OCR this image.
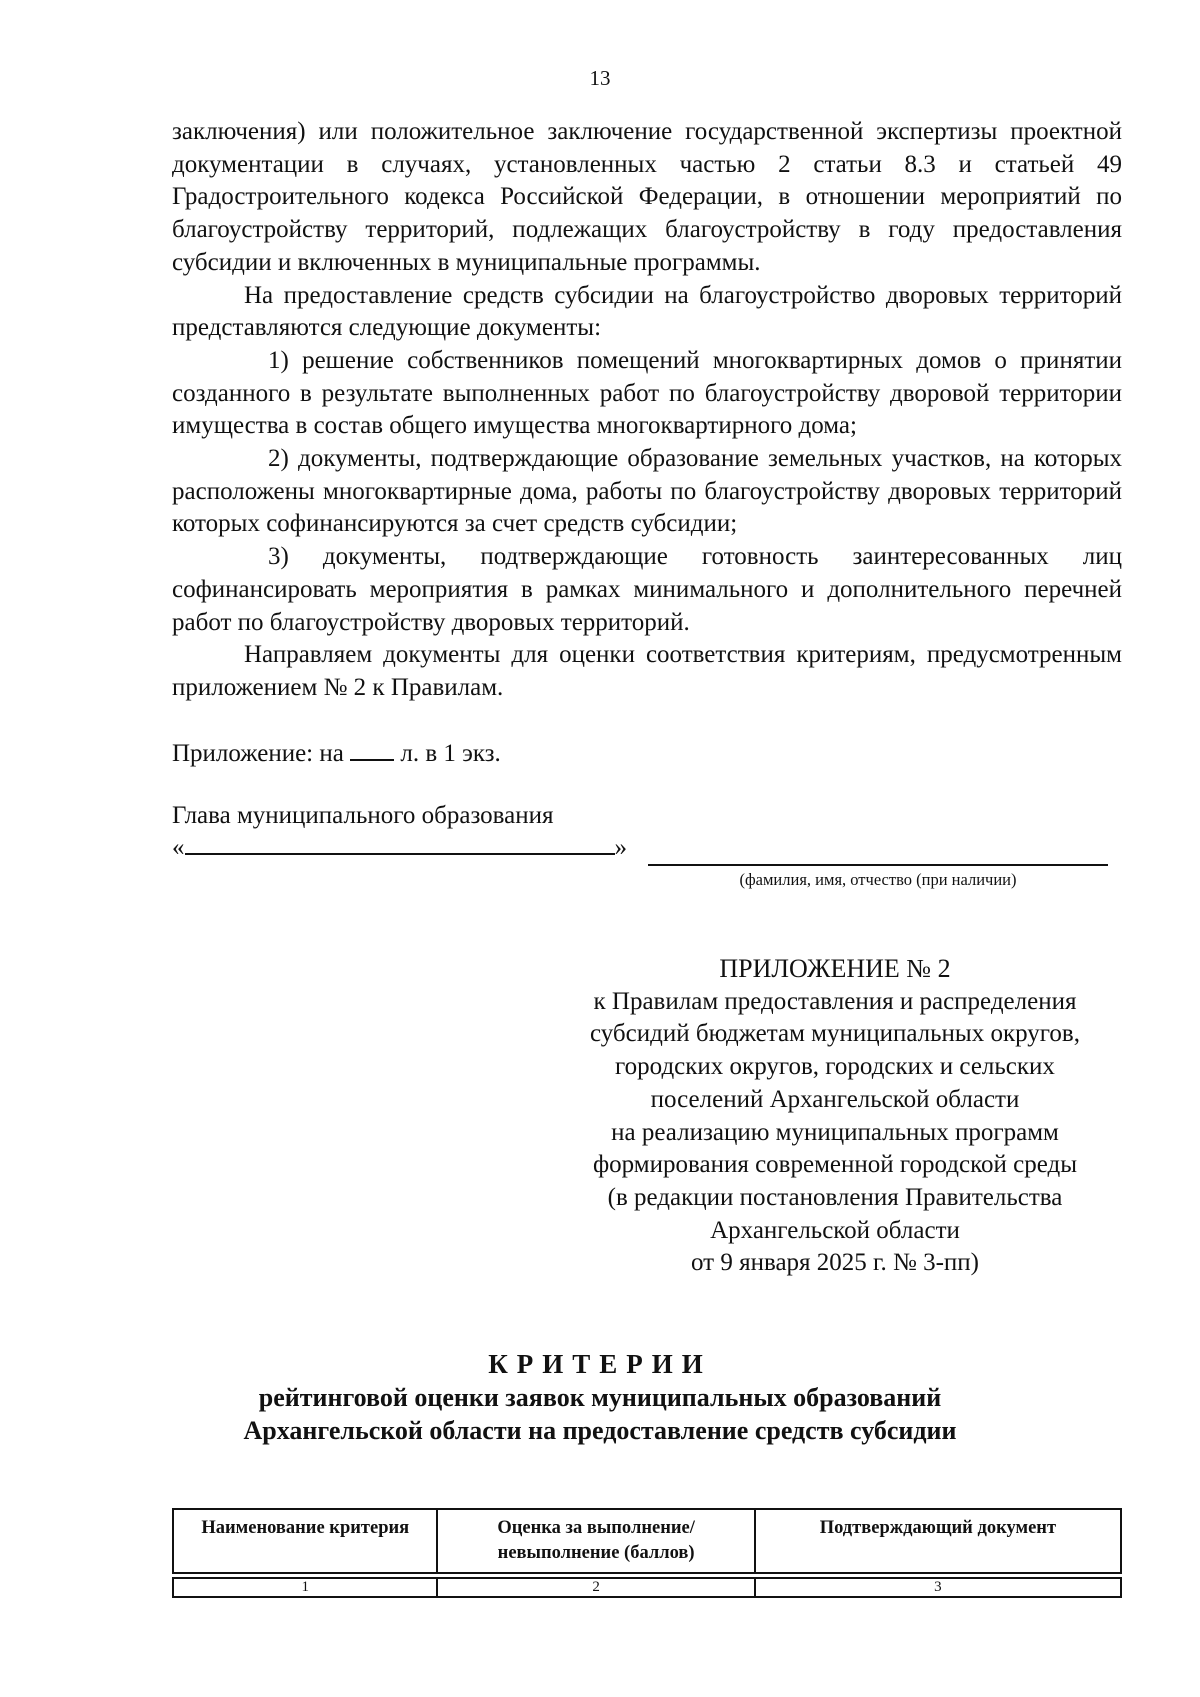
13

заключения) или положительное заключение государственной экспертизы проектной документации в случаях, установленных частью 2 статьи 8.3 и статьей 49 Градостроительного кодекса Российской Федерации, в отношении мероприятий по благоустройству территорий, подлежащих благоустройству в году предоставления субсидии и включенных в муниципальные программы.

На предоставление средств субсидии на благоустройство дворовых территорий представляются следующие документы:

1) решение собственников помещений многоквартирных домов о принятии созданного в результате выполненных работ по благоустройству дворовой территории имущества в состав общего имущества многоквартирного дома;

2) документы, подтверждающие образование земельных участков, на которых расположены многоквартирные дома, работы по благоустройству дворовых территорий которых софинансируются за счет средств субсидии;

3) документы, подтверждающие готовность заинтересованных лиц софинансировать мероприятия в рамках минимального и дополнительного перечней работ по благоустройству дворовых территорий.

Направляем документы для оценки соответствия критериям, предусмотренным приложением № 2 к Правилам.

Приложение: на л. в 1 экз.
Глава муниципального образования
«	»
(фамилия, имя, отчество (при наличии)
ПРИЛОЖЕНИЕ № 2
к Правилам предоставления и распределения
субсидий бюджетам муниципальных округов,
городских округов, городских и сельских
поселений Архангельской области
на реализацию муниципальных программ
формирования современной городской среды
(в редакции постановления Правительства
Архангельской области
от 9 января 2025 г. № 3-пп)
КРИТЕРИИ
рейтинговой оценки заявок муниципальных образований
Архангельской области на предоставление средств субсидии
Наименование критерия	Оценка за выполнение/ невыполнение (баллов)	Подтверждающий документ

1	2	3
